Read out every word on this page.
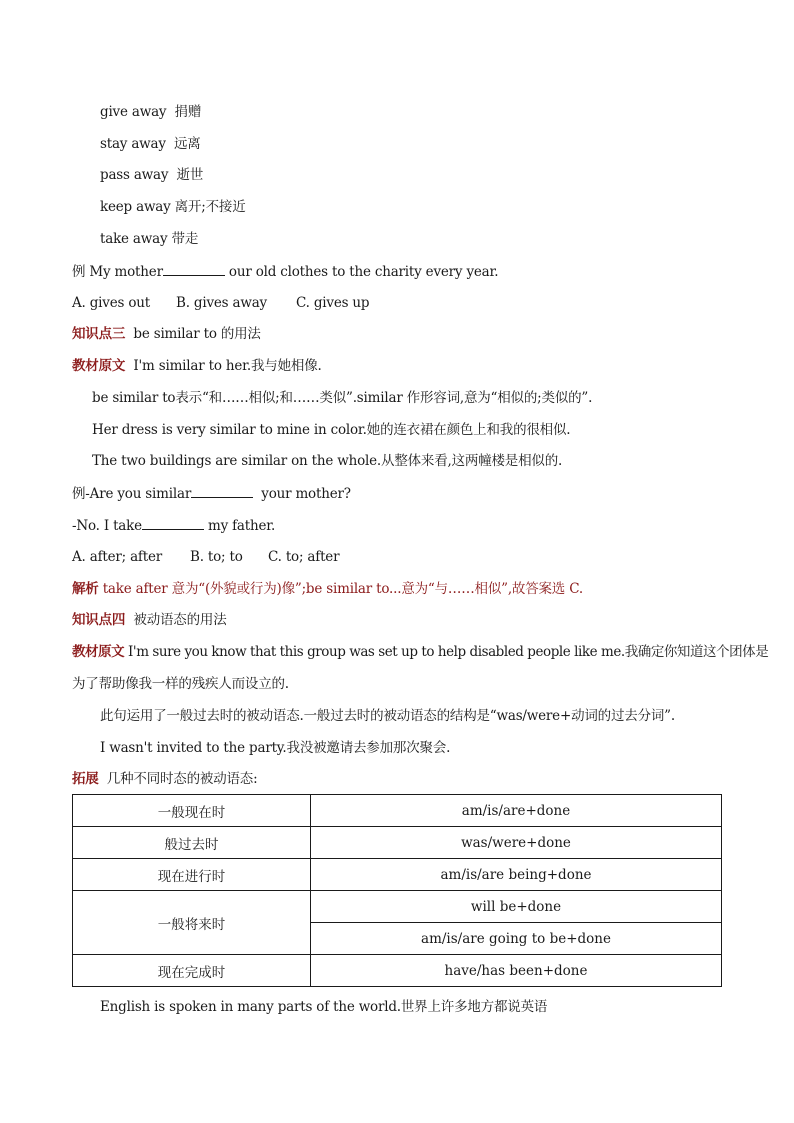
give away 捐赠
stay away 远离
pass away 逝世
keep away 离开;不接近
take away 带走
例 My mother	our old clothes to the charity every year.
A. gives out B. gives away C. gives up
知识点三 be similar to 的用法
教材原文 I'm similar to her.我与她相像.
be similar to表示“和……相似;和……类似”.similar 作形容词,意为“相似的;类似的”.
Her dress is very similar to mine in color.她的连衣裙在颜色上和我的很相似.
The two buildings are similar on the whole.从整体来看,这两幢楼是相似的.
例-Are you similar	your mother?
-No. I take	my father.
A. after; after B. to; to C. to; after
解析 take after 意为“(外貌或行为)像”;be similar to...意为“与……相似”,故答案选 C.
知识点四 被动语态的用法
教材原文 I'm sure you know that this group was set up to help disabled people like me.我确定你知道这个团体是
为了帮助像我一样的残疾人而设立的.
此句运用了一般过去时的被动语态.一般过去时的被动语态的结构是“was/were+动词的过去分词”.
I wasn't invited to the party.我没被邀请去参加那次聚会.
拓展 几种不同时态的被动语态:
一般现在时	am/is/are+done
般过去时	was/were+done
现在进行时	am/is/are being+done
一般将来时	will be+done
	am/is/are going to be+done
现在完成时	have/has been+done
English is spoken in many parts of the world.世界上许多地方都说英语
